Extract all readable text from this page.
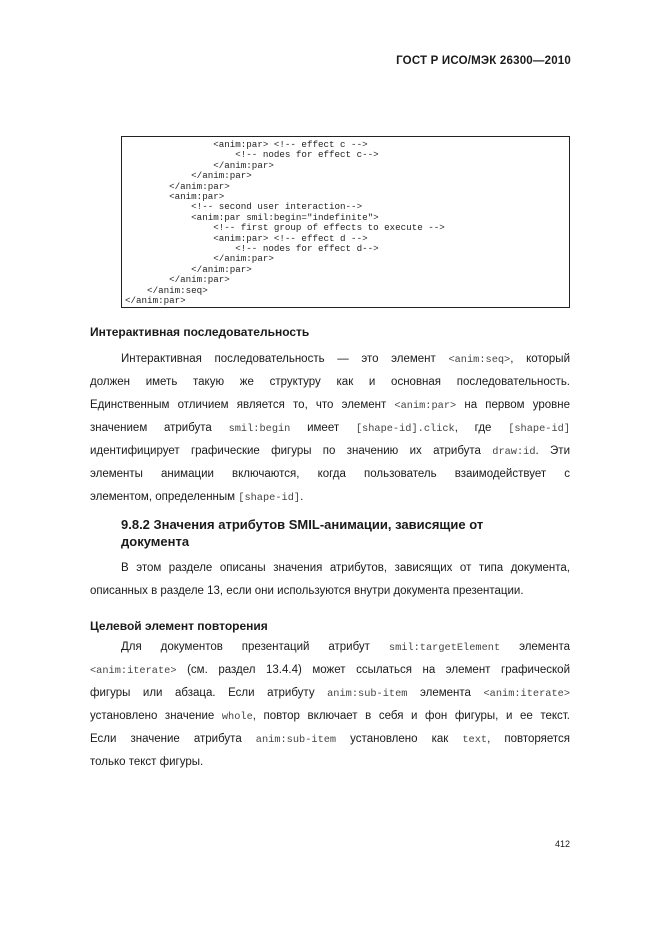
ГОСТ Р ИСО/МЭК 26300—2010
<anim:par> <!-- effect c -->
<!-- nodes for effect c-->
</anim:par>
</anim:par>
</anim:par>
<anim:par>
<!-- second user interaction-->
<anim:par smil:begin="indefinite">
<!-- first group of effects to execute -->
<anim:par> <!-- effect d -->
<!-- nodes for effect d-->
</anim:par>
</anim:par>
</anim:par>
</anim:seq>
</anim:par>
Интерактивная последовательность
Интерактивная последовательность — это элемент <anim:seq>, который
должен иметь такую же структуру как и основная последовательность.
Единственным отличием является то, что элемент <anim:par> на первом уровне
значением атрибута smil:begin имеет [shape-id].click, где [shape-id]
идентифицирует графические фигуры по значению их атрибута draw:id. Эти
элементы анимации включаются, когда пользователь взаимодействует с
элементом, определенным [shape-id].
9.8.2 Значения атрибутов SMIL-анимации, зависящие от
документа
В этом разделе описаны значения атрибутов, зависящих от типа документа,
описанных в разделе 13, если они используются внутри документа презентации.
Целевой элемент повторения
Для документов презентаций атрибут smil:targetElement элемента
<anim:iterate> (см. раздел 13.4.4) может ссылаться на элемент графической
фигуры или абзаца. Если атрибуту anim:sub-item элемента <anim:iterate>
установлено значение whole, повтор включает в себя и фон фигуры, и ее текст.
Если значение атрибута anim:sub-item установлено как text, повторяется
только текст фигуры.
412
